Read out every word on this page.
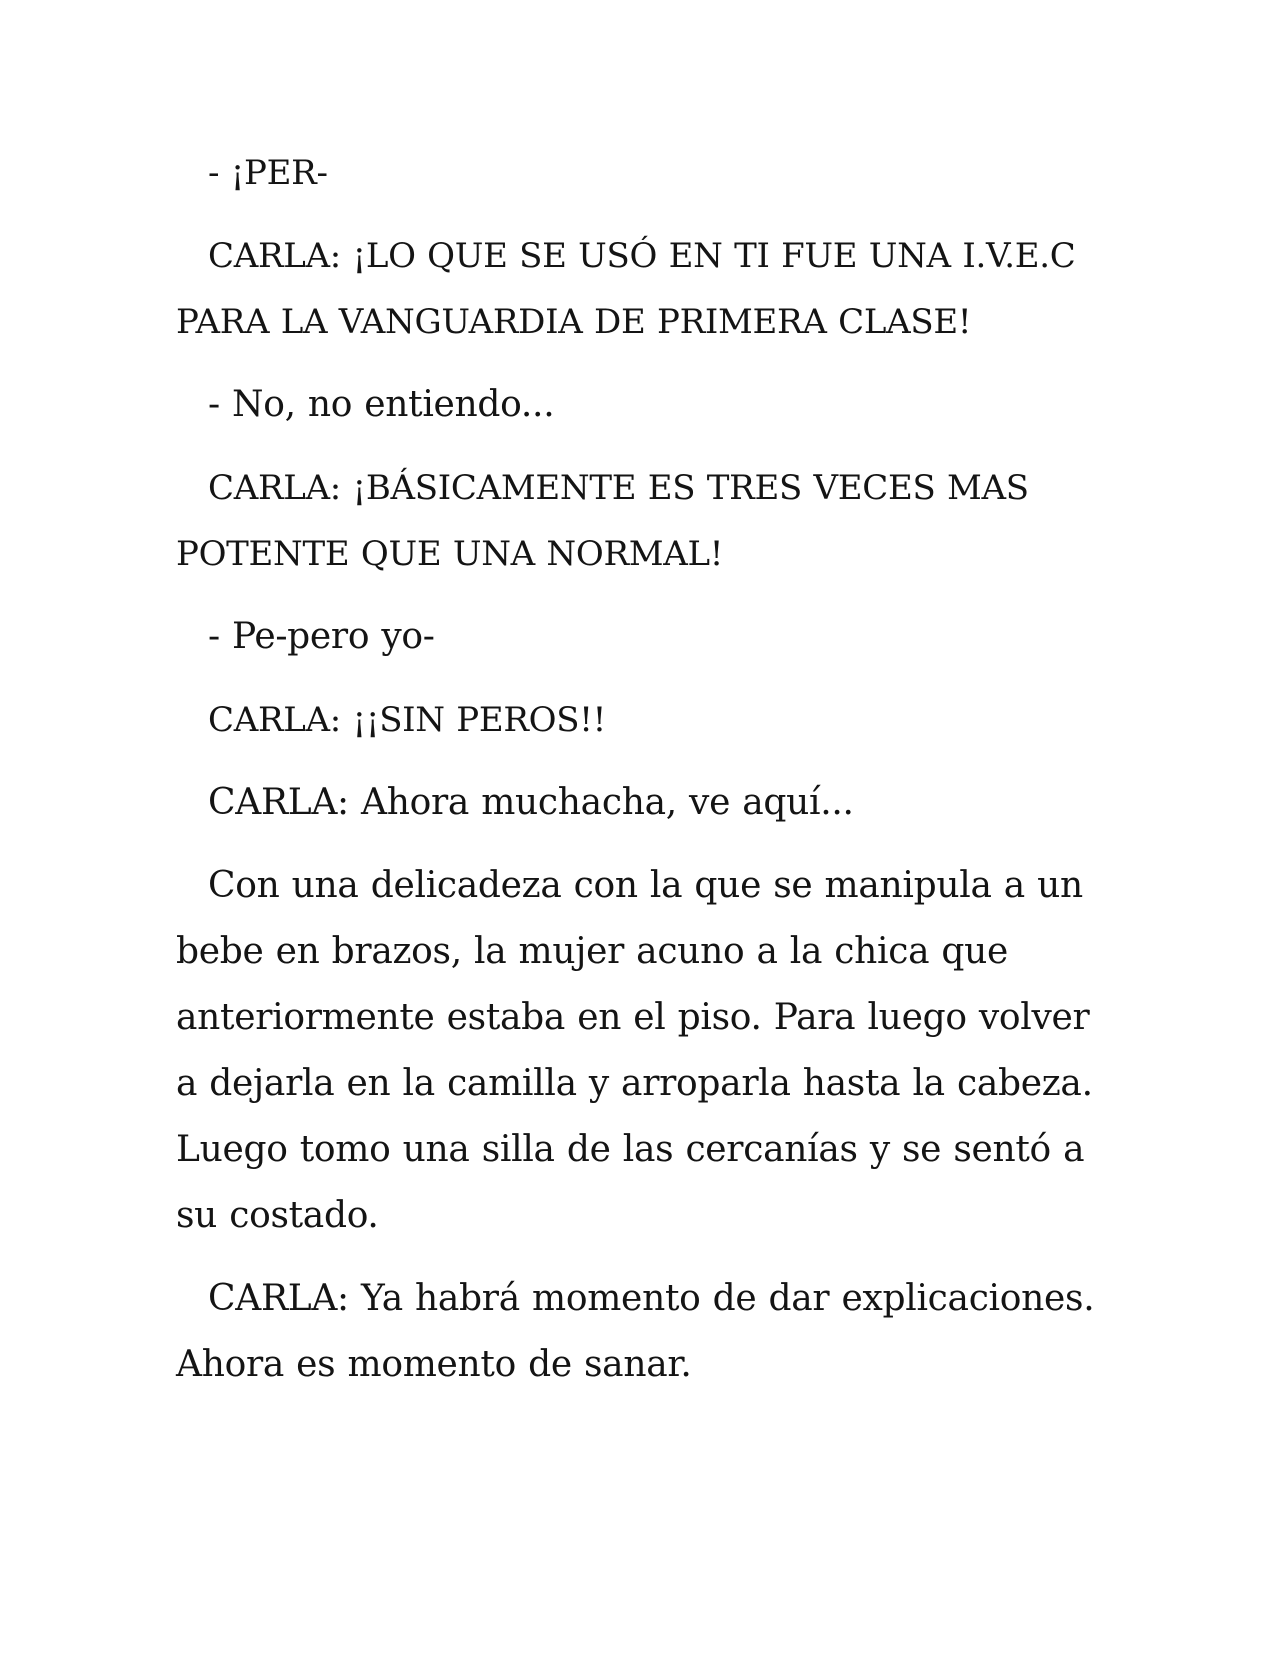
- ¡PER-

CARLA: ¡LO QUE SE USÓ EN TI FUE UNA I.V.E.C PARA LA VANGUARDIA DE PRIMERA CLASE!

- No, no entiendo...

CARLA: ¡BÁSICAMENTE ES TRES VECES MAS POTENTE QUE UNA NORMAL!

- Pe-pero yo-

CARLA: ¡¡SIN PEROS!!

CARLA: Ahora muchacha, ve aquí...

Con una delicadeza con la que se manipula a un bebe en brazos, la mujer acuno a la chica que anteriormente estaba en el piso. Para luego volver a dejarla en la camilla y arroparla hasta la cabeza. Luego tomo una silla de las cercanías y se sentó a su costado.

CARLA: Ya habrá momento de dar explicaciones. Ahora es momento de sanar.
